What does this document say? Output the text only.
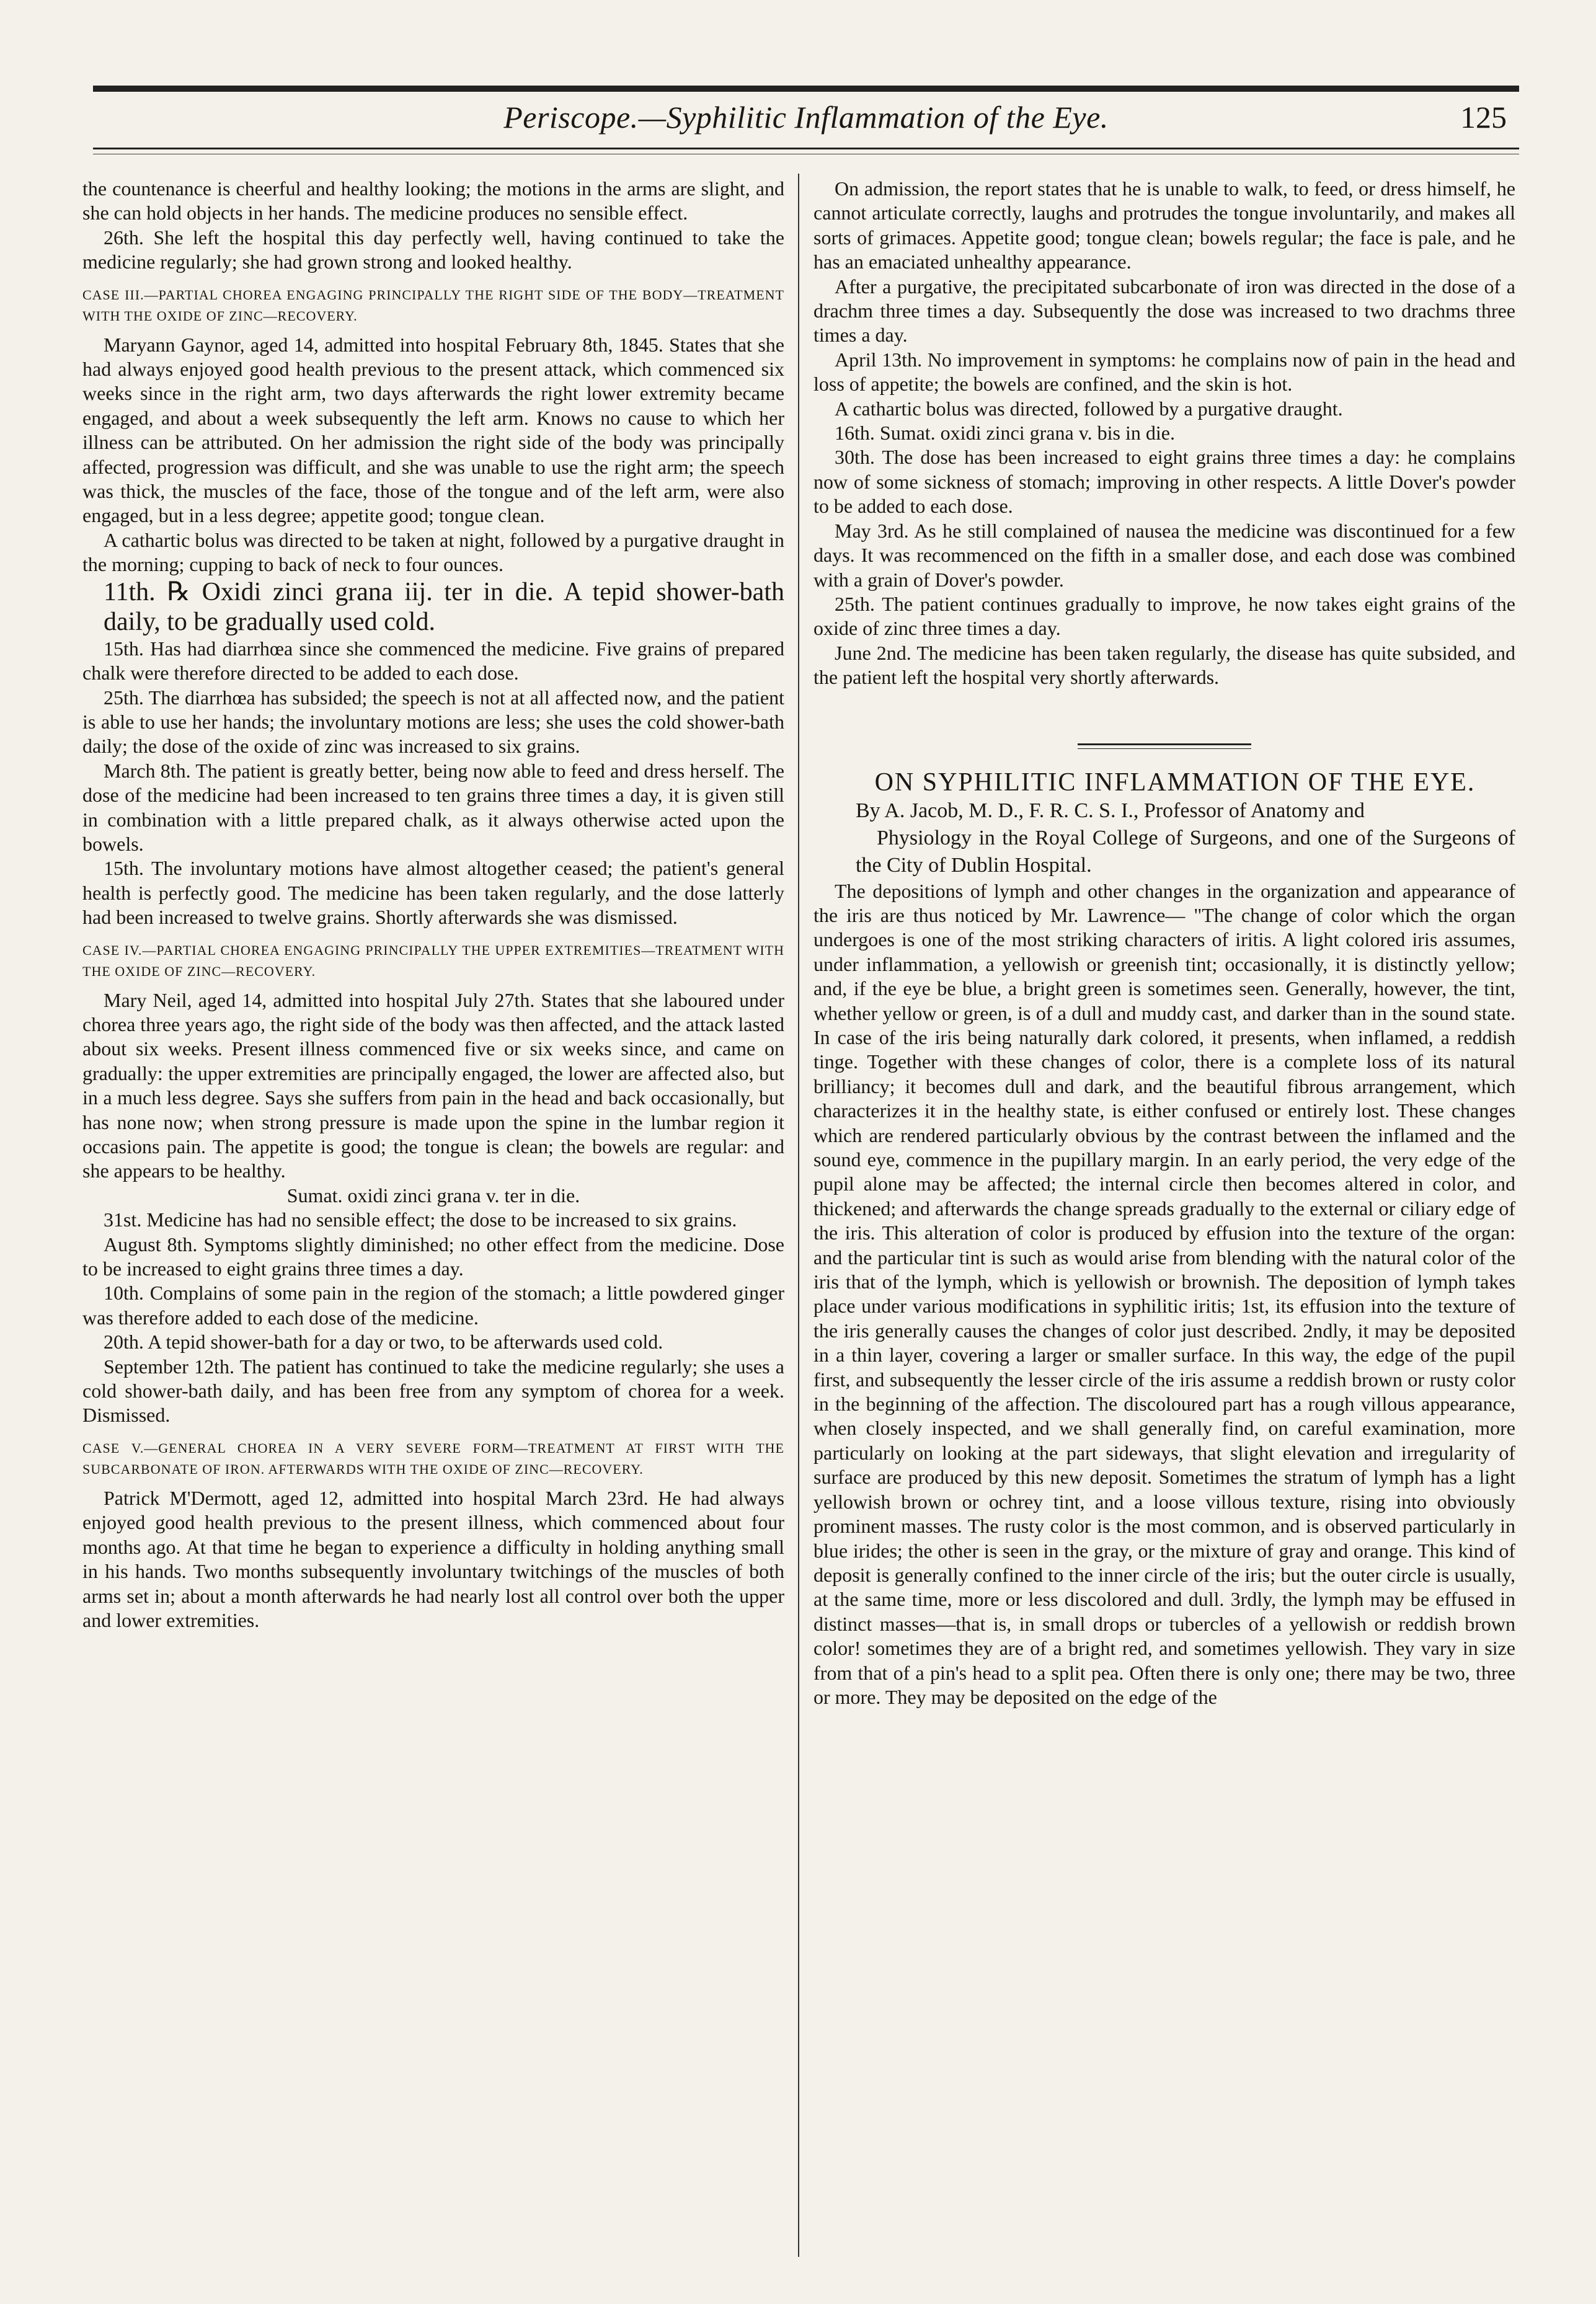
Periscope.—Syphilitic Inflammation of the Eye.	125

the countenance is cheerful and healthy looking; the motions in the arms are slight, and she can hold objects in her hands. The medicine produces no sensible effect.

26th. She left the hospital this day perfectly well, having continued to take the medicine regularly; she had grown strong and looked healthy.

CASE III.—PARTIAL CHOREA ENGAGING PRINCIPALLY THE RIGHT SIDE OF THE BODY—TREATMENT WITH THE OXIDE OF ZINC—RECOVERY.

Maryann Gaynor, aged 14, admitted into hospital February 8th, 1845. States that she had always enjoyed good health previous to the present attack, which commenced six weeks since in the right arm, two days afterwards the right lower extremity became engaged, and about a week subsequently the left arm. Knows no cause to which her illness can be attributed. On her admission the right side of the body was principally affected, progression was difficult, and she was unable to use the right arm; the speech was thick, the muscles of the face, those of the tongue and of the left arm, were also engaged, but in a less degree; appetite good; tongue clean.

A cathartic bolus was directed to be taken at night, followed by a purgative draught in the morning; cupping to back of neck to four ounces.

11th. ℞ Oxidi zinci grana iij. ter in die. A tepid shower-bath daily, to be gradually used cold.

15th. Has had diarrhœa since she commenced the medicine. Five grains of prepared chalk were therefore directed to be added to each dose.

25th. The diarrhœa has subsided; the speech is not at all affected now, and the patient is able to use her hands; the involuntary motions are less; she uses the cold shower-bath daily; the dose of the oxide of zinc was increased to six grains.

March 8th. The patient is greatly better, being now able to feed and dress herself. The dose of the medicine had been increased to ten grains three times a day, it is given still in combination with a little prepared chalk, as it always otherwise acted upon the bowels.

15th. The involuntary motions have almost altogether ceased; the patient's general health is perfectly good. The medicine has been taken regularly, and the dose latterly had been increased to twelve grains. Shortly afterwards she was dismissed.

CASE IV.—PARTIAL CHOREA ENGAGING PRINCIPALLY THE UPPER EXTREMITIES—TREATMENT WITH THE OXIDE OF ZINC—RECOVERY.

Mary Neil, aged 14, admitted into hospital July 27th. States that she laboured under chorea three years ago, the right side of the body was then affected, and the attack lasted about six weeks. Present illness commenced five or six weeks since, and came on gradually: the upper extremities are principally engaged, the lower are affected also, but in a much less degree. Says she suffers from pain in the head and back occasionally, but has none now; when strong pressure is made upon the spine in the lumbar region it occasions pain. The appetite is good; the tongue is clean; the bowels are regular: and she appears to be healthy.

Sumat. oxidi zinci grana v. ter in die.

31st. Medicine has had no sensible effect; the dose to be increased to six grains.

August 8th. Symptoms slightly diminished; no other effect from the medicine. Dose to be increased to eight grains three times a day.

10th. Complains of some pain in the region of the stomach; a little powdered ginger was therefore added to each dose of the medicine.

20th. A tepid shower-bath for a day or two, to be afterwards used cold.

September 12th. The patient has continued to take the medicine regularly; she uses a cold shower-bath daily, and has been free from any symptom of chorea for a week. Dismissed.

CASE V.—GENERAL CHOREA IN A VERY SEVERE FORM—TREATMENT AT FIRST WITH THE SUBCARBONATE OF IRON. AFTERWARDS WITH THE OXIDE OF ZINC—RECOVERY.

Patrick M'Dermott, aged 12, admitted into hospital March 23rd. He had always enjoyed good health previous to the present illness, which commenced about four months ago. At that time he began to experience a difficulty in holding anything small in his hands. Two months subsequently involuntary twitchings of the muscles of both arms set in; about a month afterwards he had nearly lost all control over both the upper and lower extremities.

On admission, the report states that he is unable to walk, to feed, or dress himself, he cannot articulate correctly, laughs and protrudes the tongue involuntarily, and makes all sorts of grimaces. Appetite good; tongue clean; bowels regular; the face is pale, and he has an emaciated unhealthy appearance.

After a purgative, the precipitated subcarbonate of iron was directed in the dose of a drachm three times a day. Subsequently the dose was increased to two drachms three times a day.

April 13th. No improvement in symptoms: he complains now of pain in the head and loss of appetite; the bowels are confined, and the skin is hot.

A cathartic bolus was directed, followed by a purgative draught.

16th. Sumat. oxidi zinci grana v. bis in die.

30th. The dose has been increased to eight grains three times a day: he complains now of some sickness of stomach; improving in other respects. A little Dover's powder to be added to each dose.

May 3rd. As he still complained of nausea the medicine was discontinued for a few days. It was recommenced on the fifth in a smaller dose, and each dose was combined with a grain of Dover's powder.

25th. The patient continues gradually to improve, he now takes eight grains of the oxide of zinc three times a day.

June 2nd. The medicine has been taken regularly, the disease has quite subsided, and the patient left the hospital very shortly afterwards.

ON SYPHILITIC INFLAMMATION OF THE EYE.

By A. Jacob, M. D., F. R. C. S. I., Professor of Anatomy and
Physiology in the Royal College of Surgeons, and one of the Surgeons of the City of Dublin Hospital.

The depositions of lymph and other changes in the organization and appearance of the iris are thus noticed by Mr. Lawrence— "The change of color which the organ undergoes is one of the most striking characters of iritis. A light colored iris assumes, under inflammation, a yellowish or greenish tint; occasionally, it is distinctly yellow; and, if the eye be blue, a bright green is sometimes seen. Generally, however, the tint, whether yellow or green, is of a dull and muddy cast, and darker than in the sound state. In case of the iris being naturally dark colored, it presents, when inflamed, a reddish tinge. Together with these changes of color, there is a complete loss of its natural brilliancy; it becomes dull and dark, and the beautiful fibrous arrangement, which characterizes it in the healthy state, is either confused or entirely lost. These changes which are rendered particularly obvious by the contrast between the inflamed and the sound eye, commence in the pupillary margin. In an early period, the very edge of the pupil alone may be affected; the internal circle then becomes altered in color, and thickened; and afterwards the change spreads gradually to the external or ciliary edge of the iris. This alteration of color is produced by effusion into the texture of the organ: and the particular tint is such as would arise from blending with the natural color of the iris that of the lymph, which is yellowish or brownish. The deposition of lymph takes place under various modifications in syphilitic iritis; 1st, its effusion into the texture of the iris generally causes the changes of color just described. 2ndly, it may be deposited in a thin layer, covering a larger or smaller surface. In this way, the edge of the pupil first, and subsequently the lesser circle of the iris assume a reddish brown or rusty color in the beginning of the affection. The discoloured part has a rough villous appearance, when closely inspected, and we shall generally find, on careful examination, more particularly on looking at the part sideways, that slight elevation and irregularity of surface are produced by this new deposit. Sometimes the stratum of lymph has a light yellowish brown or ochrey tint, and a loose villous texture, rising into obviously prominent masses. The rusty color is the most common, and is observed particularly in blue irides; the other is seen in the gray, or the mixture of gray and orange. This kind of deposit is generally confined to the inner circle of the iris; but the outer circle is usually, at the same time, more or less discolored and dull. 3rdly, the lymph may be effused in distinct masses—that is, in small drops or tubercles of a yellowish or reddish brown color! sometimes they are of a bright red, and sometimes yellowish. They vary in size from that of a pin's head to a split pea. Often there is only one; there may be two, three or more. They may be deposited on the edge of the
